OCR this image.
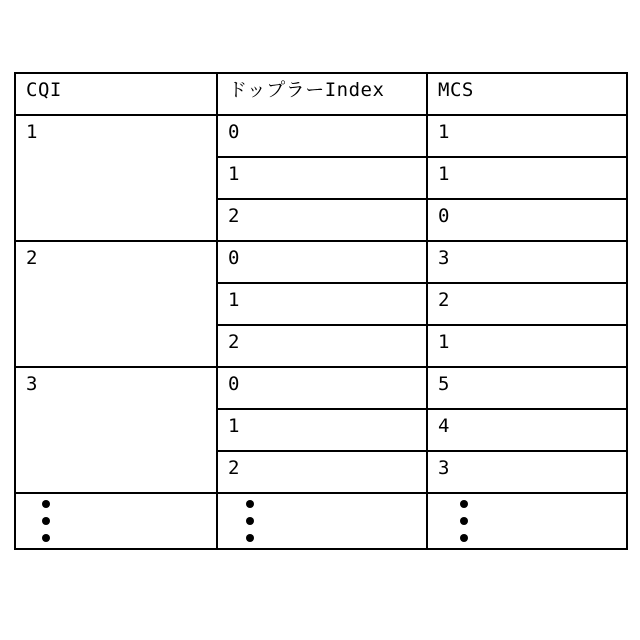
CQI	ドップラーIndex	MCS
1	0	1
	1	1
	2	0
2	0	3
	1	2
	2	1
3	0	5
	1	4
	2	3
